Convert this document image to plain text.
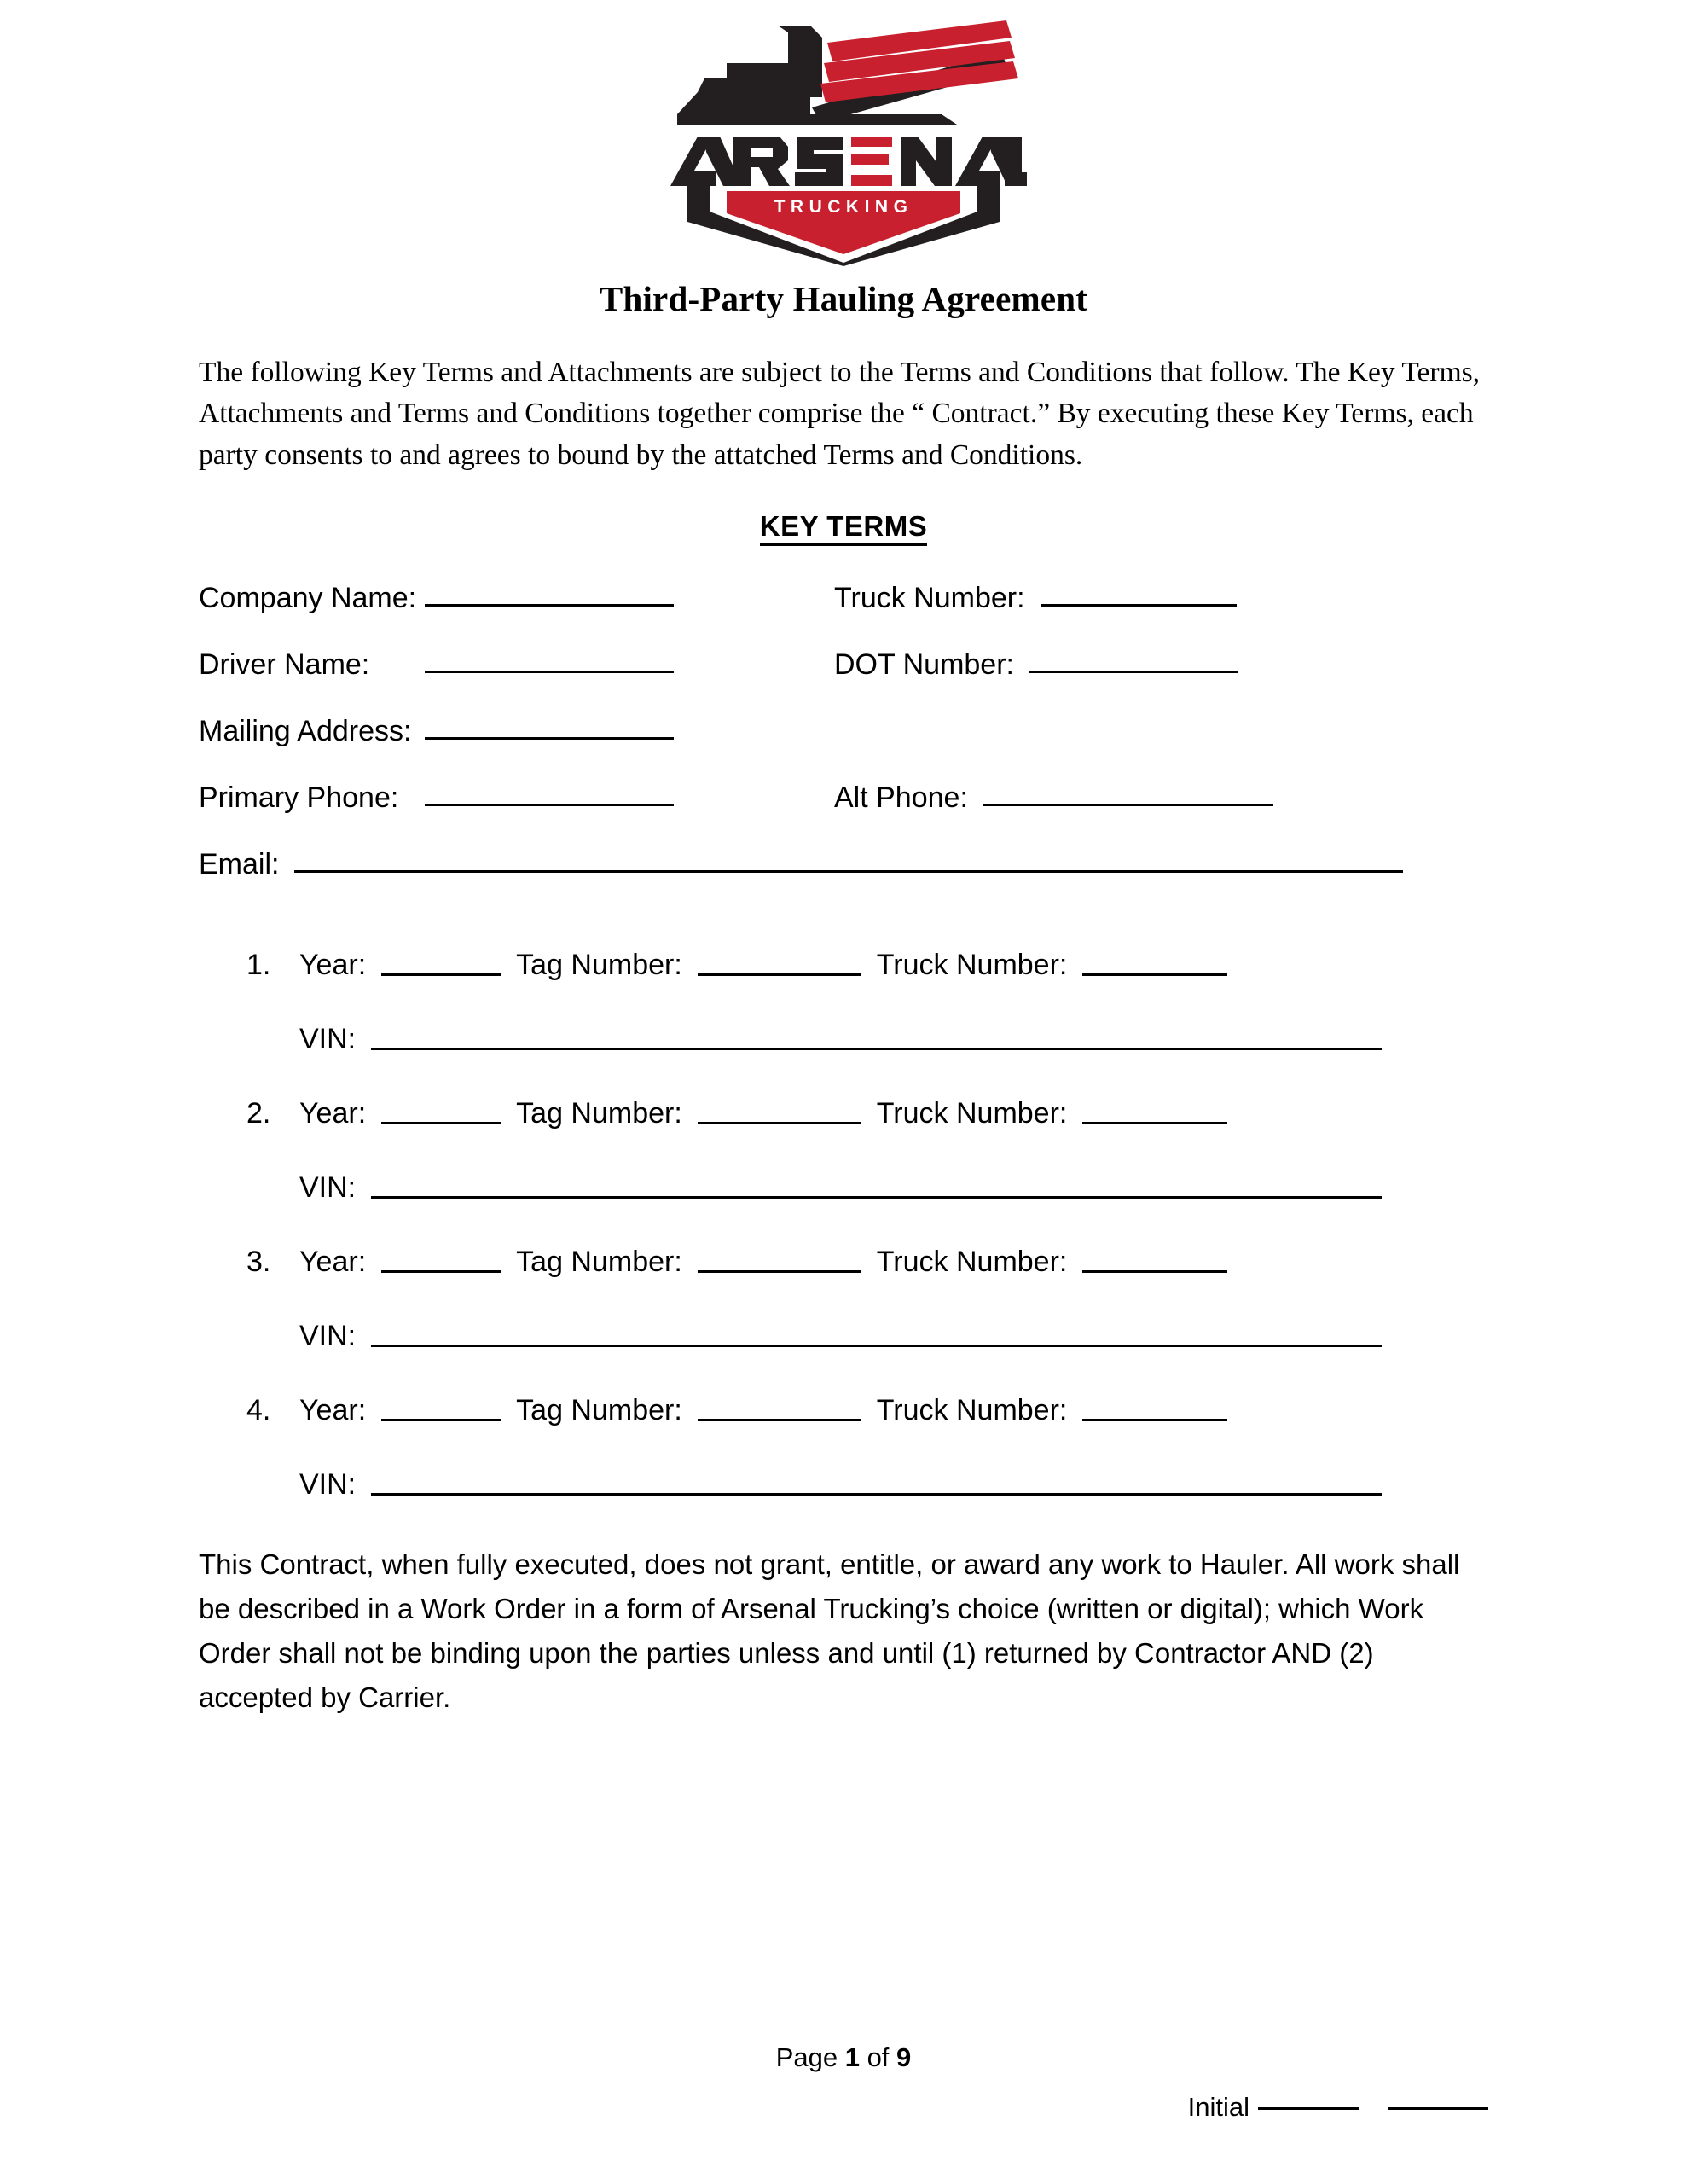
TRUCKING
Third-Party Hauling Agreement

The following Key Terms and Attachments are subject to the Terms and Conditions that follow. The Key Terms, Attachments and Terms and Conditions together comprise the “ Contract.” By executing these Key Terms, each party consents to and agrees to bound by the attatched Terms and Conditions.

KEY TERMS
Company Name:	Truck Number:
Driver Name:	DOT Number:
Mailing Address:
Primary Phone:	Alt Phone:
Email:
1. Year:	Tag Number:	Truck Number:
VIN:
2. Year:	Tag Number:	Truck Number:
VIN:
3. Year:	Tag Number:	Truck Number:
VIN:
4. Year:	Tag Number:	Truck Number:
VIN:

This Contract, when fully executed, does not grant, entitle, or award any work to Hauler. All work shall be described in a Work Order in a form of Arsenal Trucking’s choice (written or digital); which Work Order shall not be binding upon the parties unless and until (1) returned by Contractor AND (2) accepted by Carrier.

Page 1 of 9
Initial
